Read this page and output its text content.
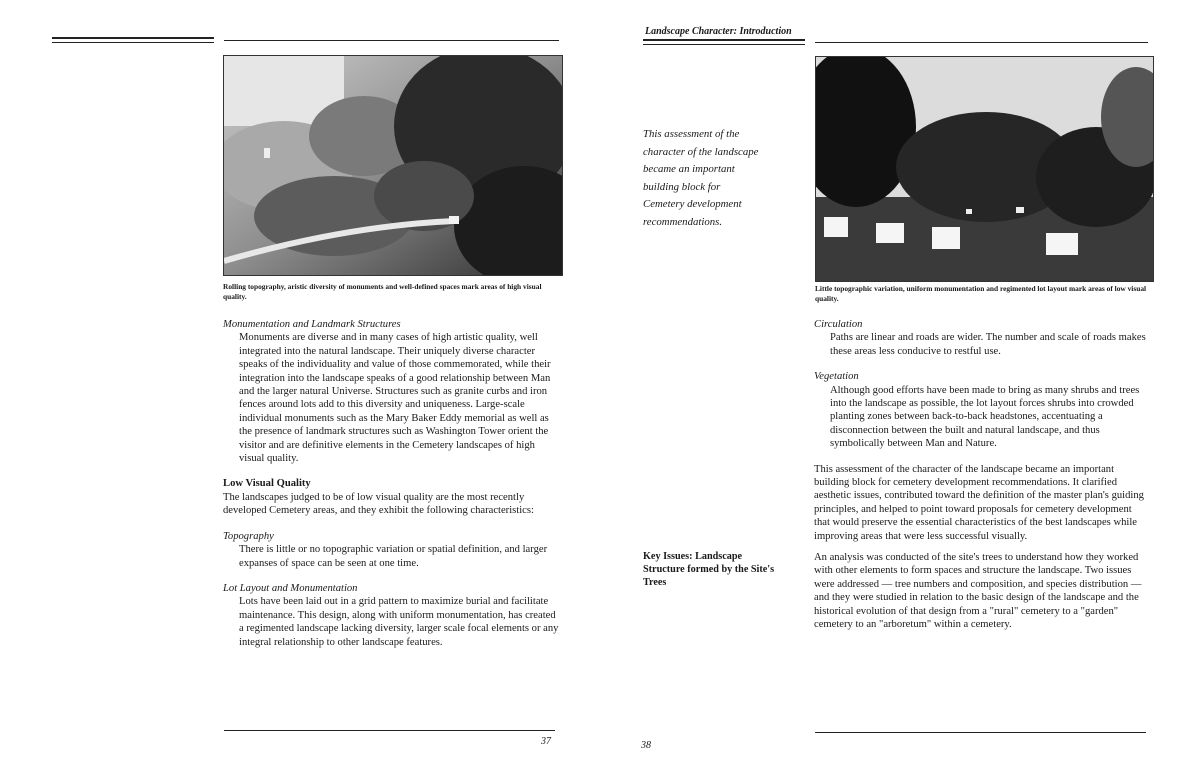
Rolling topography, aristic diversity of monuments and well-defined spaces mark areas of high visual quality.

Monumentation and Landmark Structures

Monuments are diverse and in many cases of high artistic quality, well integrated into the natural landscape. Their uniquely diverse character speaks of the individuality and value of those commemorated, while their integration into the landscape speaks of a good relationship between Man and the larger natural Universe. Structures such as granite curbs and iron fences around lots add to this diversity and uniqueness. Large-scale individual monuments such as the Mary Baker Eddy memorial as well as the presence of landmark structures such as Washington Tower orient the visitor and are definitive elements in the Cemetery landscapes of high visual quality.

Low Visual Quality

The landscapes judged to be of low visual quality are the most recently developed Cemetery areas, and they exhibit the following characteristics:

Topography

There is little or no topographic variation or spatial definition, and larger expanses of space can be seen at one time.

Lot Layout and Monumentation

Lots have been laid out in a grid pattern to maximize burial and facilitate maintenance. This design, along with uniform monumentation, has created a regimented landscape lacking diversity, larger scale focal elements or any integral relationship to other landscape features.

37
Landscape Character: Introduction
This assessment of the character of the landscape became an important building block for Cemetery development recommendations.
Little topographic variation, uniform monumentation and regimented lot layout mark areas of low visual quality.

Circulation

Paths are linear and roads are wider. The number and scale of roads makes these areas less conducive to restful use.

Vegetation

Although good efforts have been made to bring as many shrubs and trees into the landscape as possible, the lot layout forces shrubs into crowded planting zones between back-to-back headstones, accentuating a disconnection between the built and natural landscape, and thus symbolically between Man and Nature.

This assessment of the character of the landscape became an important building block for cemetery development recommendations. It clarified aesthetic issues, contributed toward the definition of the master plan's guiding principles, and helped to point toward proposals for cemetery development that would preserve the essential characteristics of the best landscapes while improving areas that were less successful visually.

Key Issues: Landscape Structure formed by the Site's Trees
An analysis was conducted of the site's trees to understand how they worked with other elements to form spaces and structure the landscape. Two issues were addressed — tree numbers and composition, and species distribution — and they were studied in relation to the basic design of the landscape and the historical evolution of that design from a "rural" cemetery to a "garden" cemetery to an "arboretum" within a cemetery.
38
